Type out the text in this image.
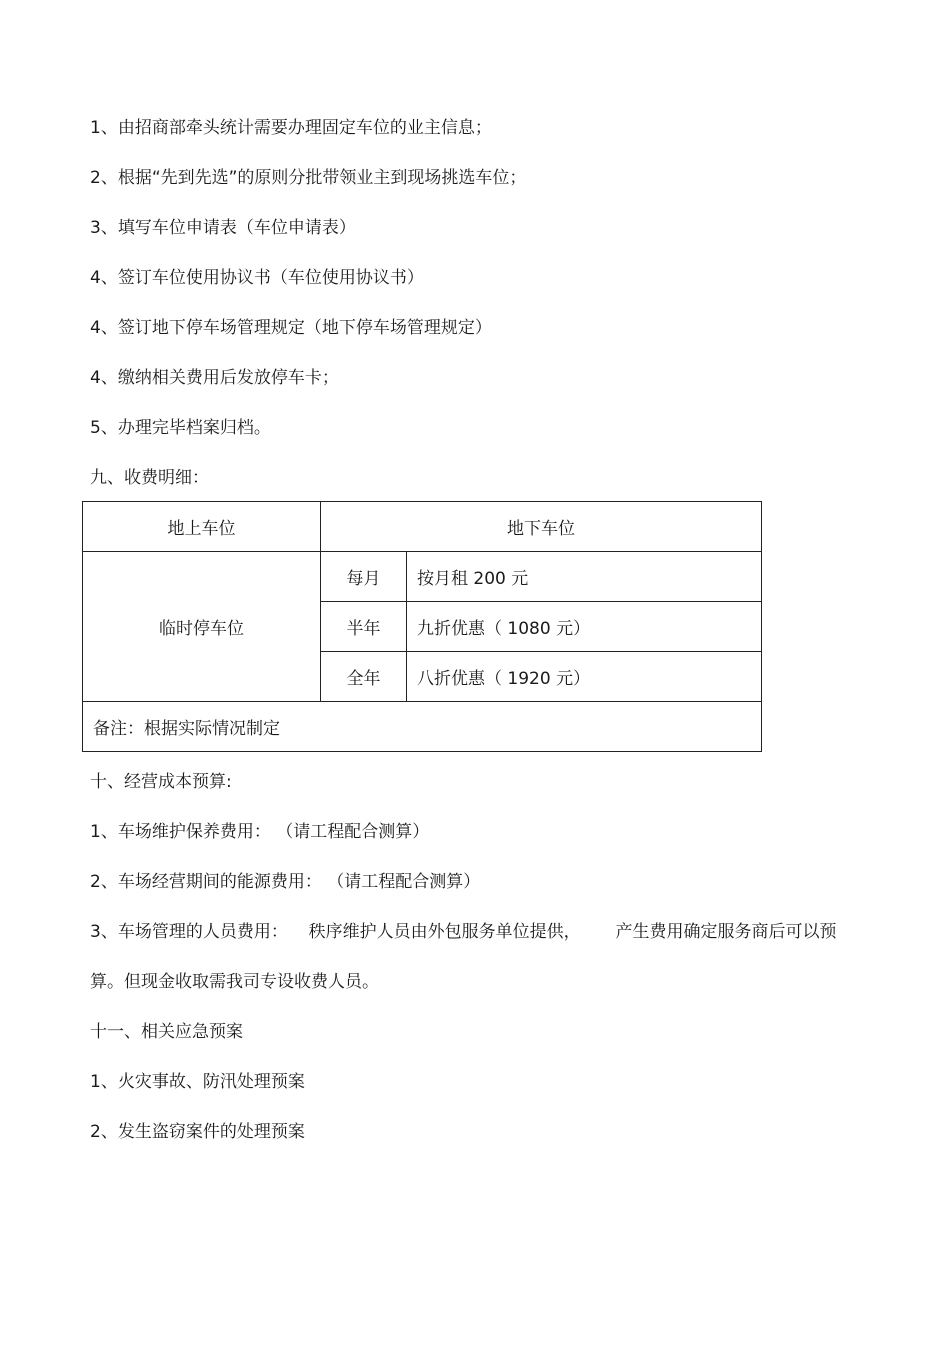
1、由招商部牵头统计需要办理固定车位的业主信息；
2、根据“先到先选”的原则分批带领业主到现场挑选车位；
3、填写车位申请表（车位申请表）
4、签订车位使用协议书（车位使用协议书）
4、签订地下停车场管理规定（地下停车场管理规定）
4、缴纳相关费用后发放停车卡；
5、办理完毕档案归档。
九、收费明细：
地上车位	地下车位	
临时停车位	每月	按月租 200 元
	半年	九折优惠（ 1080 元）
	全年	八折优惠（ 1920 元）
备注：根据实际情况制定		
十、经营成本预算:
1、车场维护保养费用： （请工程配合测算）
2、车场经营期间的能源费用： （请工程配合测算）
3、车场管理的人员费用： 秩序维护人员由外包服务单位提供， 产生费用确定服务商后可以预
算。但现金收取需我司专设收费人员。
十一、相关应急预案
1、火灾事故、防汛处理预案
2、发生盗窃案件的处理预案
